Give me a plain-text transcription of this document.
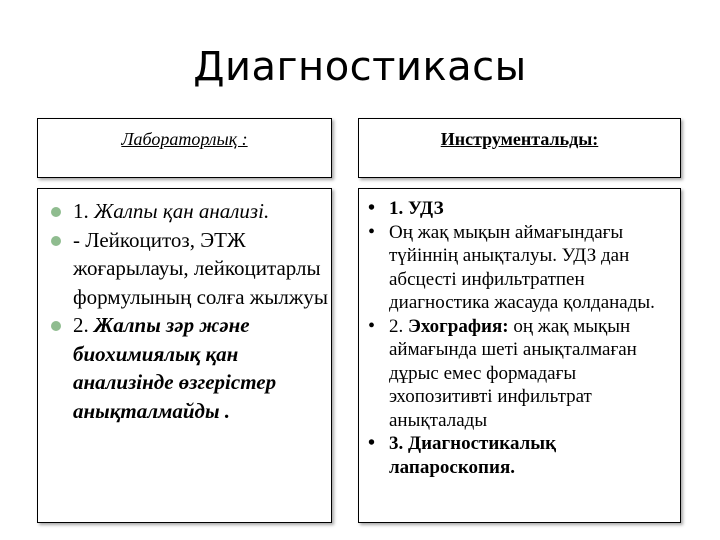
Диагностикасы
Лабораторлық :	Инструментальды:
1. Жалпы қан анализі.
- Лейкоцитоз, ЭТЖ жоғарылауы, лейкоцитарлы формулының солға жылжуы
2. Жалпы зәр және биохимиялық қан анализінде өзгерістер анықталмайды .
• 1. УДЗ
• Оң жақ мықын аймағындағы түйіннің анықталуы. УДЗ дан абсцесті инфильтратпен диагностика жасауда қолданады.
• 2. Эхография: оң жақ мықын аймағында шеті анықталмаған дұрыс емес формадағы эхопозитивті инфильтрат анықталады
• 3. Диагностикалық лапароскопия.
